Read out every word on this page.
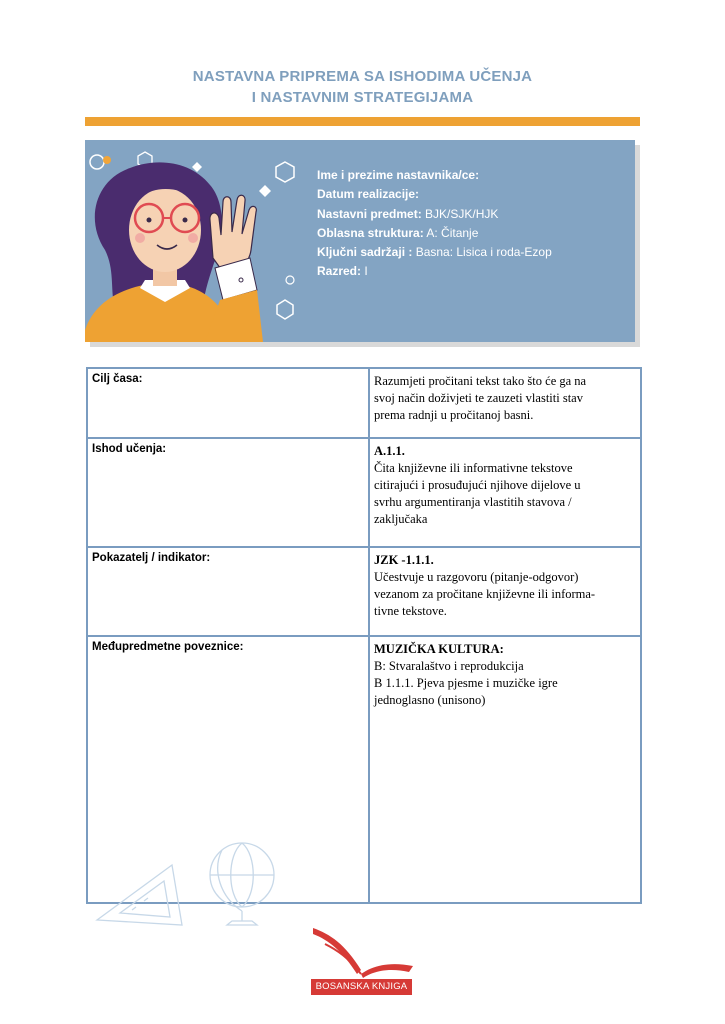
NASTAVNA PRIPREMA SA ISHODIMA UČENJA
I NASTAVNIM STRATEGIJAMA
Ime i prezime nastavnika/ce:
Datum realizacije:
Nastavni predmet: BJK/SJK/HJK
Oblasna struktura: A: Čitanje
Ključni sadržaji : Basna: Lisica i roda-Ezop
Razred: I
Cilj časa:	Razumjeti pročitani tekst tako što će ga na
svoj način doživjeti te zauzeti vlastiti stav
prema radnji u pročitanoj basni.

Ishod učenja:	A.1.1.
Čita književne ili informativne tekstove
citirajući i prosuđujući njihove dijelove u
svrhu argumentiranja vlastitih stavova /
zaključaka

Pokazatelj / indikator:	JZK -1.1.1.
Učestvuje u razgovoru (pitanje-odgovor)
vezanom za pročitane književne ili informa-
tivne tekstove.

Međupredmetne poveznice:	MUZIČKA KULTURA:
B: Stvaralaštvo i reprodukcija
B 1.1.1. Pjeva pjesme i muzičke igre
jednoglasno (unisono)
BOSANSKA KNJIGA
